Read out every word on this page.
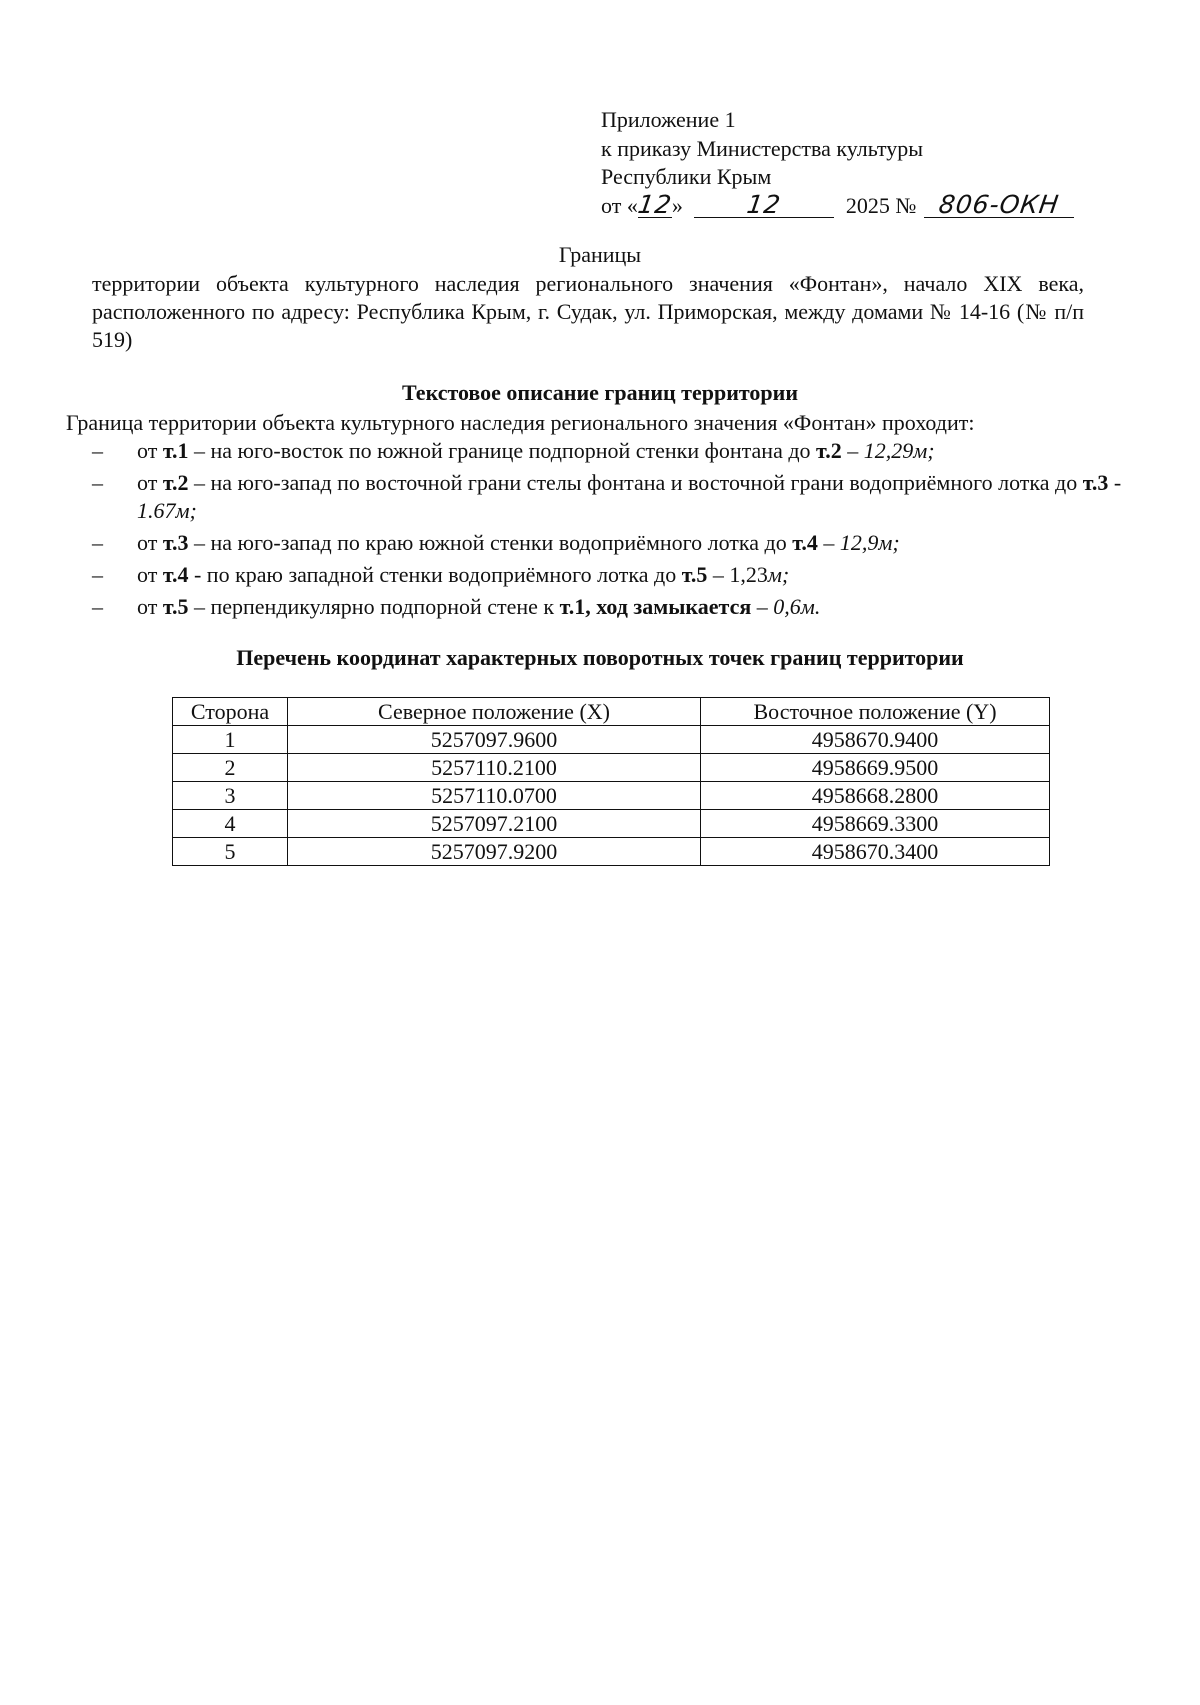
Приложение 1
к приказу Министерства культуры
Республики Крым
от «12»	12	2025 № 806-ОКН
Границы
территории объекта культурного наследия регионального значения «Фонтан», начало XIX века, расположенного по адресу: Республика Крым, г. Судак, ул. Приморская, между домами № 14-16 (№ п/п 519)
Текстовое описание границ территории
Граница территории объекта культурного наследия регионального значения «Фонтан» проходит:
– от т.1 – на юго-восток по южной границе подпорной стенки фонтана до т.2 – 12,29м;
– от т.2 – на юго-запад по восточной грани стелы фонтана и восточной грани водоприёмного лотка до т.3 - 1.67м;
– от т.3 – на юго-запад по краю южной стенки водоприёмного лотка до т.4 – 12,9м;
– от т.4 - по краю западной стенки водоприёмного лотка до т.5 – 1,23м;
– от т.5 – перпендикулярно подпорной стене к т.1, ход замыкается – 0,6м.
Перечень координат характерных поворотных точек границ территории
Сторона	Северное положение (X)	Восточное положение (Y)
1	5257097.9600	4958670.9400
2	5257110.2100	4958669.9500
3	5257110.0700	4958668.2800
4	5257097.2100	4958669.3300
5	5257097.9200	4958670.3400
